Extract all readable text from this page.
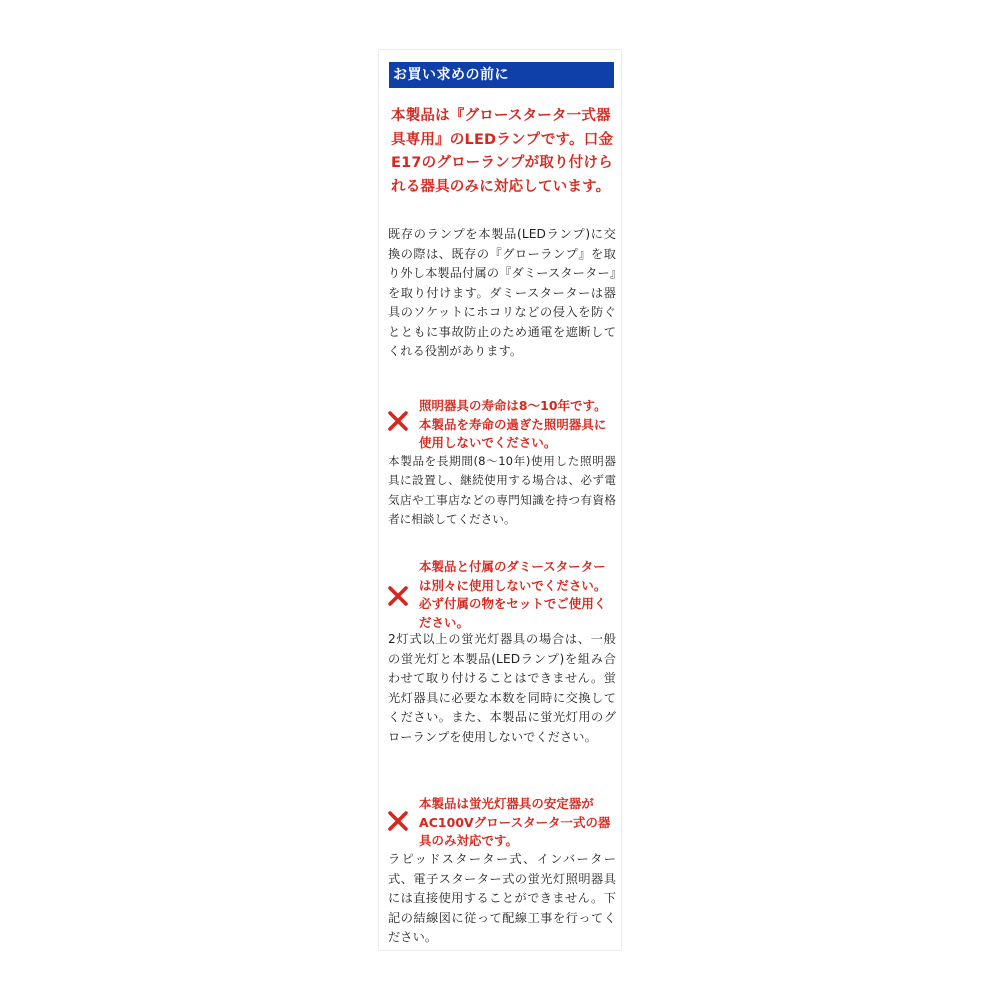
お買い求めの前に

本製品は『グロースタータ一式器具専用』のLEDランプです。口金E17のグローランプが取り付けられる器具のみに対応しています。

既存のランプを本製品(LEDランプ)に交換の際は、既存の『グローランプ』を取り外し本製品付属の『ダミースターター』を取り付けます。ダミースターターは器具のソケットにホコリなどの侵入を防ぐとともに事故防止のため通電を遮断してくれる役割があります。

照明器具の寿命は8～10年です。本製品を寿命の過ぎた照明器具に使用しないでください。

本製品を長期間(8～10年)使用した照明器具に設置し、継続使用する場合は、必ず電気店や工事店などの専門知識を持つ有資格者に相談してください。

本製品と付属のダミースターターは別々に使用しないでください。必ず付属の物をセットでご使用ください。

2灯式以上の蛍光灯器具の場合は、一般の蛍光灯と本製品(LEDランプ)を組み合わせて取り付けることはできません。蛍光灯器具に必要な本数を同時に交換してください。また、本製品に蛍光灯用のグローランプを使用しないでください。

本製品は蛍光灯器具の安定器がAC100Vグロースタータ一式の器具のみ対応です。

ラピッドスターター式、インバーター式、電子スターター式の蛍光灯照明器具には直接使用することができません。下記の結線図に従って配線工事を行ってください。
